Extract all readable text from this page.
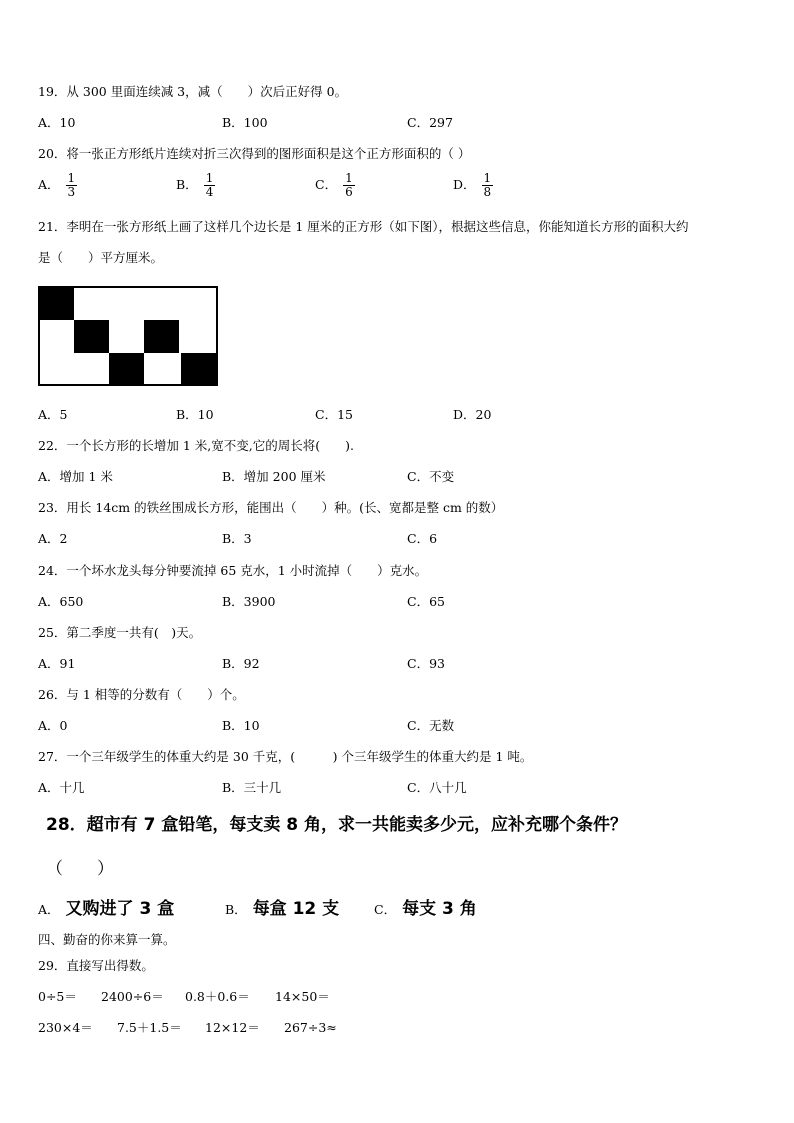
19．从 300 里面连续减 3，减（　　）次后正好得 0。
A．10	B．100	C．297
20．将一张正方形纸片连续对折三次得到的图形面积是这个正方形面积的（ ）
A． $\frac{1}{3}$	B． $\frac{1}{4}$	C． $\frac{1}{6}$	D． $\frac{1}{8}$
21．李明在一张方形纸上画了这样几个边长是 1 厘米的正方形（如下图），根据这些信息，你能知道长方形的面积大约
是（　　）平方厘米。
A．5	B．10	C．15	D．20
22．一个长方形的长增加 1 米,宽不变,它的周长将(　　).
A．增加 1 米	B．增加 200 厘米	C．不变
23．用长 14cm 的铁丝围成长方形，能围出（　　）种。(长、宽都是整 cm 的数）
A．2	B．3	C．6
24．一个坏水龙头每分钟要流掉 65 克水，1 小时流掉（　　）克水。
A．650	B．3900	C．65
25．第二季度一共有(　)天。
A．91	B．92	C．93
26．与 1 相等的分数有（　　）个。
A．0	B．10	C．无数
27．一个三年级学生的体重大约是 30 千克，(　　　) 个三年级学生的体重大约是 1 吨。
A．十几	B．三十几	C．八十几
28．超市有 7 盒铅笔，每支卖 8 角，求一共能卖多少元，应补充哪个条件？
（　　）
A． 又购进了 3 盒	B． 每盒 12 支	C． 每支 3 角
四、勤奋的你来算一算。
29．直接写出得数。
0÷5＝ 2400÷6＝ 0.8＋0.6＝ 14×50＝
230×4＝ 7.5＋1.5＝ 12×12＝ 267÷3≈
